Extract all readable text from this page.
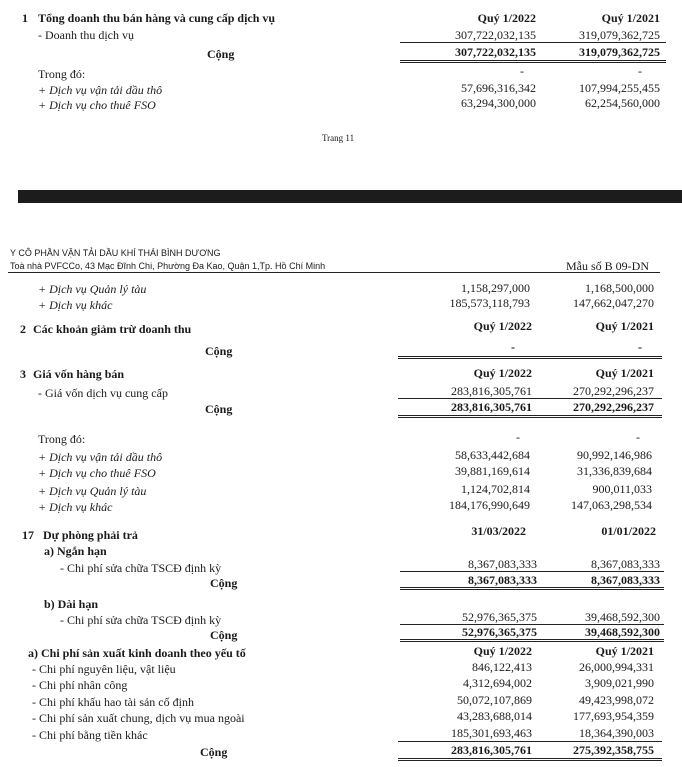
1 Tổng doanh thu bán hàng và cung cấp dịch vụ	Quý 1/2022	Quý 1/2021
- Doanh thu dịch vụ	307,722,032,135	319,079,362,725
Cộng	307,722,032,135	319,079,362,725
Trong đó:	-	-
+ Dịch vụ vận tải dầu thô	57,696,316,342	107,994,255,455
+ Dịch vụ cho thuê FSO	63,294,300,000	62,254,560,000
Trang 11
Y CÔ PHẦN VẬN TẢI DẦU KHÍ THÁI BÌNH DƯƠNG
Toà nhà PVFCCo, 43 Mạc Đĩnh Chi, Phường Đa Kao, Quận 1,Tp. Hồ Chí Minh	Mẫu số B 09-DN
+ Dịch vụ Quản lý tàu	1,158,297,000	1,168,500,000
+ Dịch vụ khác	185,573,118,793	147,662,047,270
2 Các khoản giảm trừ doanh thu	Quý 1/2022	Quý 1/2021
Cộng	-	-
3 Giá vốn hàng bán	Quý 1/2022	Quý 1/2021
- Giá vốn dịch vụ cung cấp	283,816,305,761	270,292,296,237
Cộng	283,816,305,761	270,292,296,237
Trong đó:	-	-
+ Dịch vụ vận tải dầu thô	58,633,442,684	90,992,146,986
+ Dịch vụ cho thuê FSO	39,881,169,614	31,336,839,684
+ Dịch vụ Quản lý tàu	1,124,702,814	900,011,033
+ Dịch vụ khác	184,176,990,649	147,063,298,534
17 Dự phòng phải trả	31/03/2022	01/01/2022
a) Ngắn hạn
- Chi phí sửa chữa TSCĐ định kỳ	8,367,083,333	8,367,083,333
Cộng	8,367,083,333	8,367,083,333
b) Dài hạn
- Chi phí sửa chữa TSCĐ định kỳ	52,976,365,375	39,468,592,300
Cộng	52,976,365,375	39,468,592,300
a) Chi phí sản xuất kinh doanh theo yếu tố	Quý 1/2022	Quý 1/2021
- Chi phí nguyên liệu, vật liệu	846,122,413	26,000,994,331
- Chi phí nhân công	4,312,694,002	3,909,021,990
- Chi phí khấu hao tài sản cố định	50,072,107,869	49,423,998,072
- Chi phí sản xuất chung, dịch vụ mua ngoài	43,283,688,014	177,693,954,359
- Chi phí bằng tiền khác	185,301,693,463	18,364,390,003
Cộng	283,816,305,761	275,392,358,755
